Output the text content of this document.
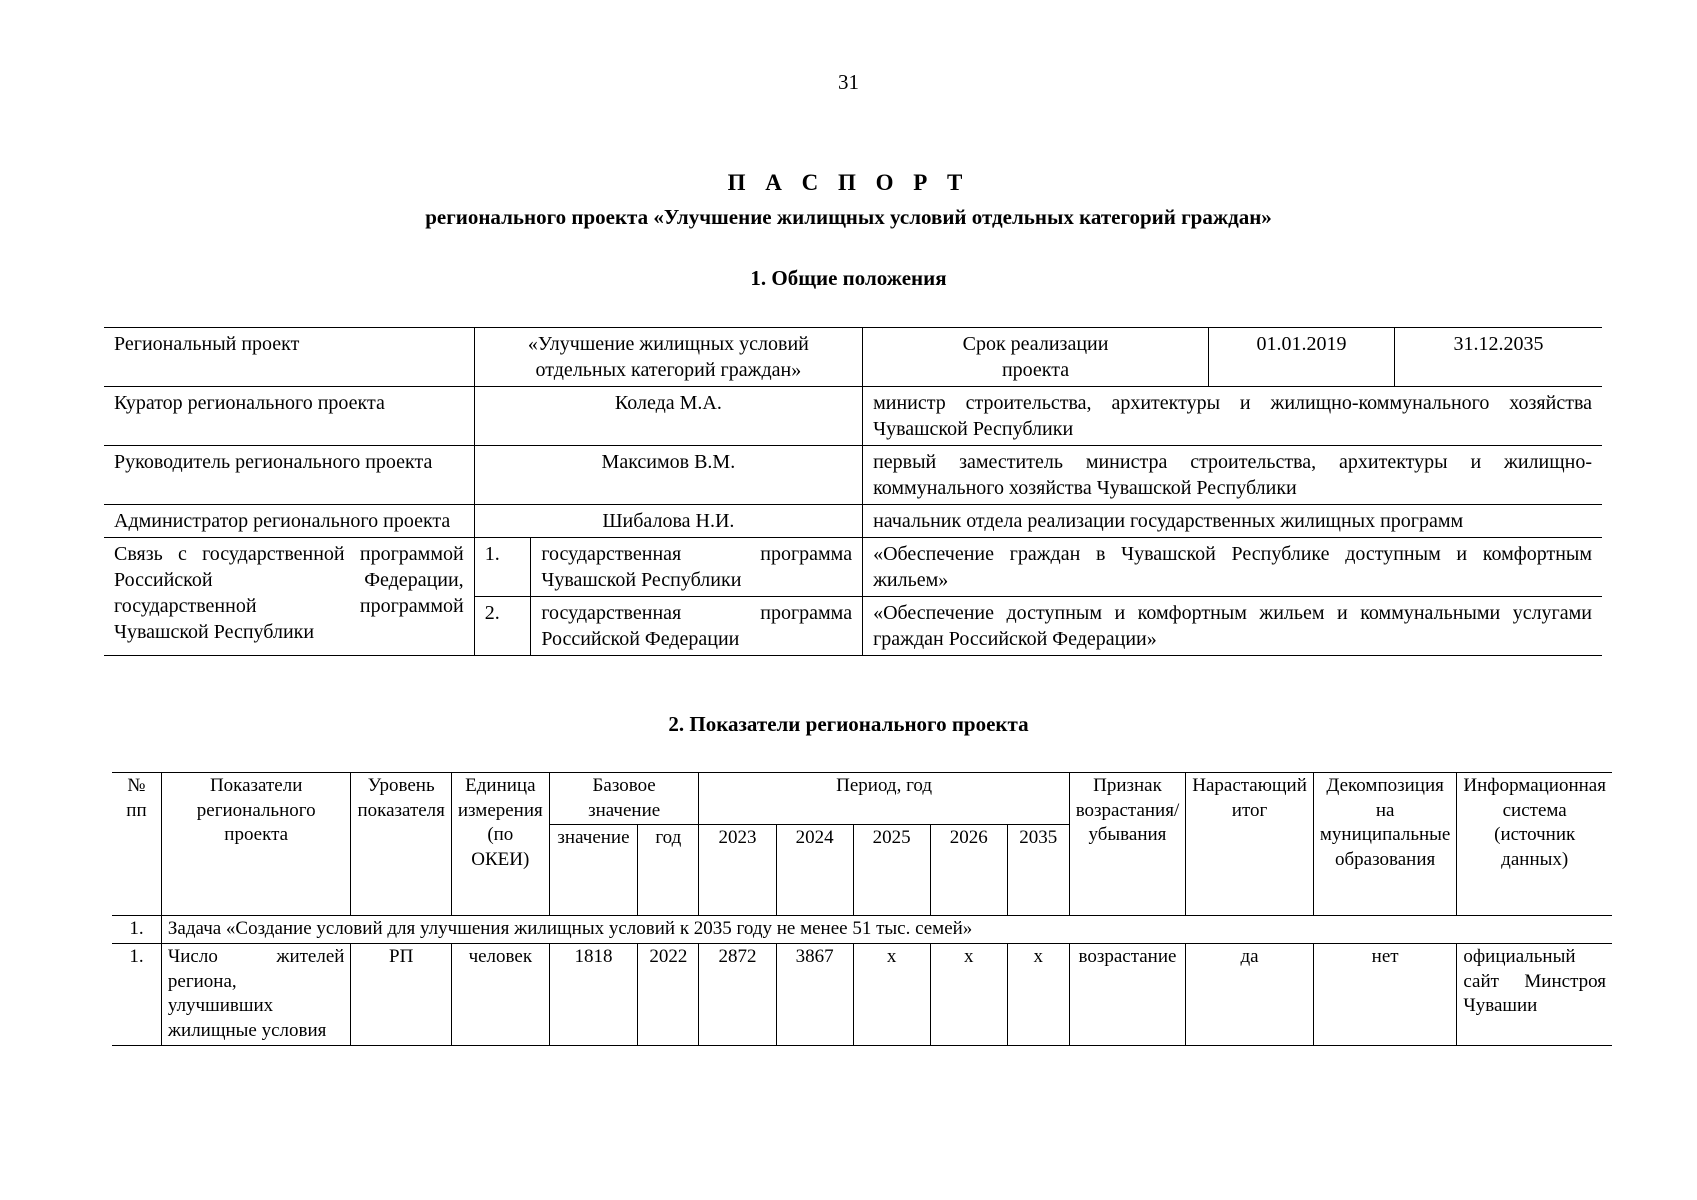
31
П А С П О Р Т
регионального проекта «Улучшение жилищных условий отдельных категорий граждан»
1. Общие положения
Региональный проект	«Улучшение жилищных условий отдельных категорий граждан»		Срок реализации проекта	01.01.2019	31.12.2035
Куратор регионального проекта	Коледа М.А.		министр строительства, архитектуры и жилищно-коммунального хозяйства Чувашской Республики		
Руководитель регионального проекта	Максимов В.М.		первый заместитель министра строительства, архитектуры и жилищно-коммунального хозяйства Чувашской Республики		
Администратор регионального проекта	Шибалова Н.И.		начальник отдела реализации государственных жилищных программ		
Связь с государственной программой Российской Федерации, государственной программой Чувашской Республики	1.	государственная программа Чувашской Республики	«Обеспечение граждан в Чувашской Республике доступным и комфортным жильем»		
	2.	государственная программа Российской Федерации	«Обеспечение доступным и комфортным жильем и коммунальными услугами граждан Российской Федерации»		
2. Показатели регионального проекта
№ пп	Показатели регионального проекта	Уровень показателя	Единица измерения (по ОКЕИ)	Базовое значение		Период, год					Признак возрастания/ убывания	Нарастающий итог	Декомпозиция на муниципальные образования	Информационная система (источник данных)
				значение	год	2023	2024	2025	2026	2035				
1.	Задача «Создание условий для улучшения жилищных условий к 2035 году не менее 51 тыс. семей»													
1.	Число жителей региона, улучшивших жилищные условия	РП	человек	1818	2022	2872	3867	х	х	х	возрастание	да	нет	официальный сайт Минстроя Чувашии
